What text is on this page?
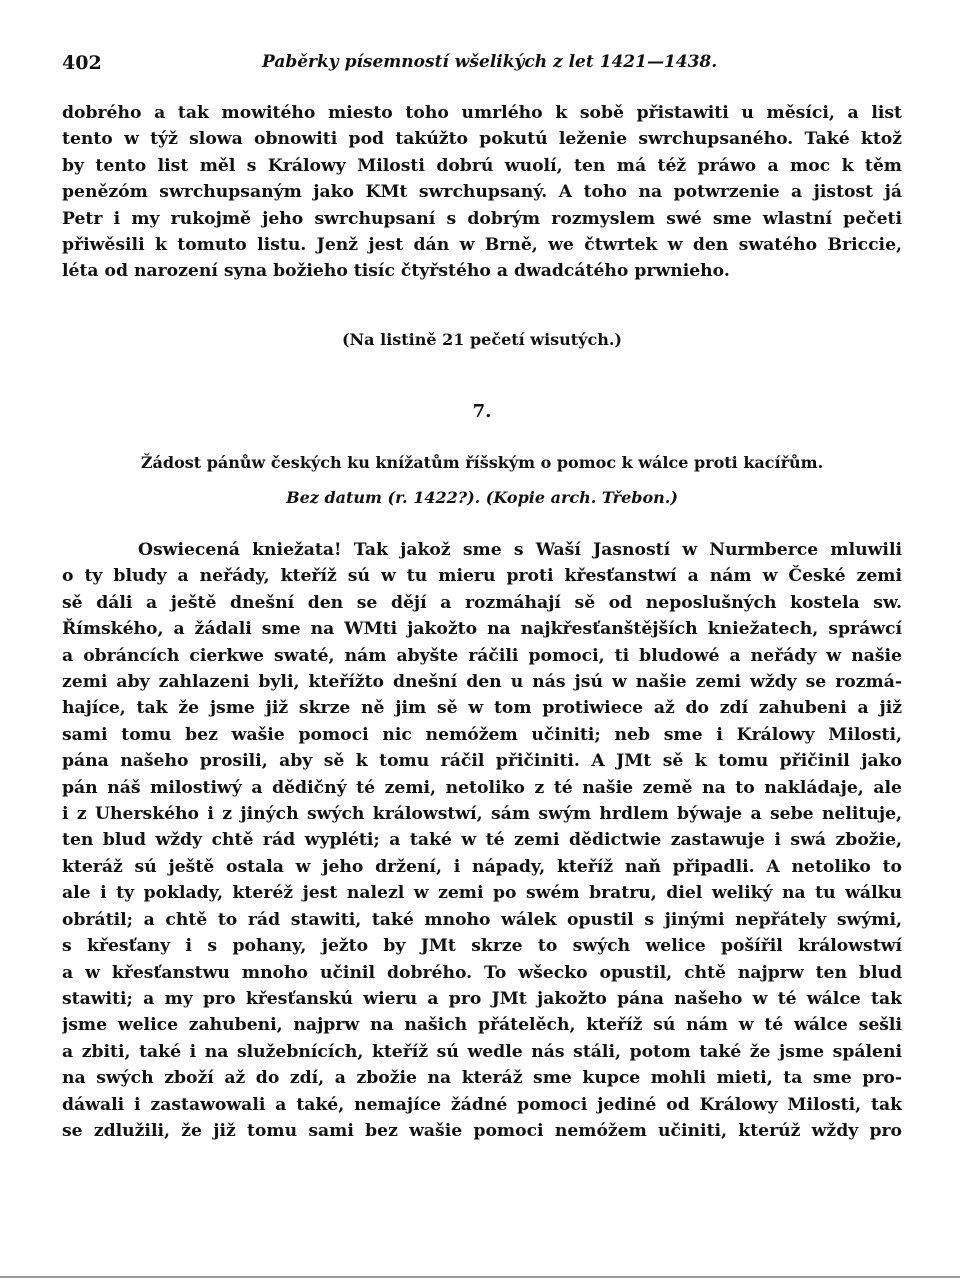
402	Paběrky písemností wšelikých z let 1421—1438.

dobrého a tak mowitého miesto toho umrlého k sobě přistawiti u měsíci, a list
tento w týž slowa obnowiti pod takúžto pokutú leženie swrchupsaného. Také ktož
by tento list měl s Králowy Milosti dobrú wuolí, ten má též práwo a moc k těm
penězóm swrchupsaným jako KMt swrchupsaný. A toho na potwrzenie a jistost já
Petr i my rukojmě jeho swrchupsaní s dobrým rozmyslem swé sme wlastní pečeti
přiwěsili k tomuto listu. Jenž jest dán w Brně, we čtwrtek w den swatého Briccie,
léta od narození syna božieho tisíc čtyřstého a dwadcátého prwnieho.

(Na listině 21 pečetí wisutých.)

7.

Žádost pánůw českých ku knížatům říšským o pomoc k wálce proti kacířům.

Bez datum (r. 1422?). (Kopie arch. Třebon.)

Oswiecená kniežata! Tak jakož sme s Waší Jasností w Nurmberce mluwili
o ty bludy a neřády, kteříž sú w tu mieru proti křesťanstwí a nám w České zemi
sě dáli a ještě dnešní den se dějí a rozmáhají sě od neposlušných kostela sw.
Římského, a žádali sme na WMti jakožto na najkřesťanštějších kniežatech, spráwcí
a obráncích cierkwe swaté, nám abyšte ráčili pomoci, ti bludowé a neřády w našie
zemi aby zahlazeni byli, kteřížto dnešní den u nás jsú w našie zemi wždy se rozmá-
hajíce, tak že jsme již skrze ně jim sě w tom protiwiece až do zdí zahubeni a již
sami tomu bez wašie pomoci nic nemóžem učiniti; neb sme i Králowy Milosti,
pána našeho prosili, aby sě k tomu ráčil přičiniti. A JMt sě k tomu přičinil jako
pán náš milostiwý a dědičný té zemi, netoliko z té našie země na to nakládaje, ale
i z Uherského i z jiných swých králowstwí, sám swým hrdlem býwaje a sebe nelituje,
ten blud wždy chtě rád wypléti; a také w té zemi dědictwie zastawuje i swá zbožie,
kteráž sú ještě ostala w jeho držení, i nápady, kteříž naň připadli. A netoliko to
ale i ty poklady, kteréž jest nalezl w zemi po swém bratru, diel weliký na tu wálku
obrátil; a chtě to rád stawiti, také mnoho wálek opustil s jinými nepřátely swými,
s křesťany i s pohany, ježto by JMt skrze to swých welice pošířil králowstwí
a w křesťanstwu mnoho učinil dobrého. To wšecko opustil, chtě najprw ten blud
stawiti; a my pro křesťanskú wieru a pro JMt jakožto pána našeho w té wálce tak
jsme welice zahubeni, najprw na našich přátelěch, kteříž sú nám w té wálce sešli
a zbiti, také i na služebnících, kteříž sú wedle nás stáli, potom také že jsme spáleni
na swých zboží až do zdí, a zbožie na kteráž sme kupce mohli mieti, ta sme pro-
dáwali i zastawowali a také, nemajíce žádné pomoci jediné od Králowy Milosti, tak
se zdlužili, že již tomu sami bez wašie pomoci nemóžem učiniti, kterúž wždy pro
